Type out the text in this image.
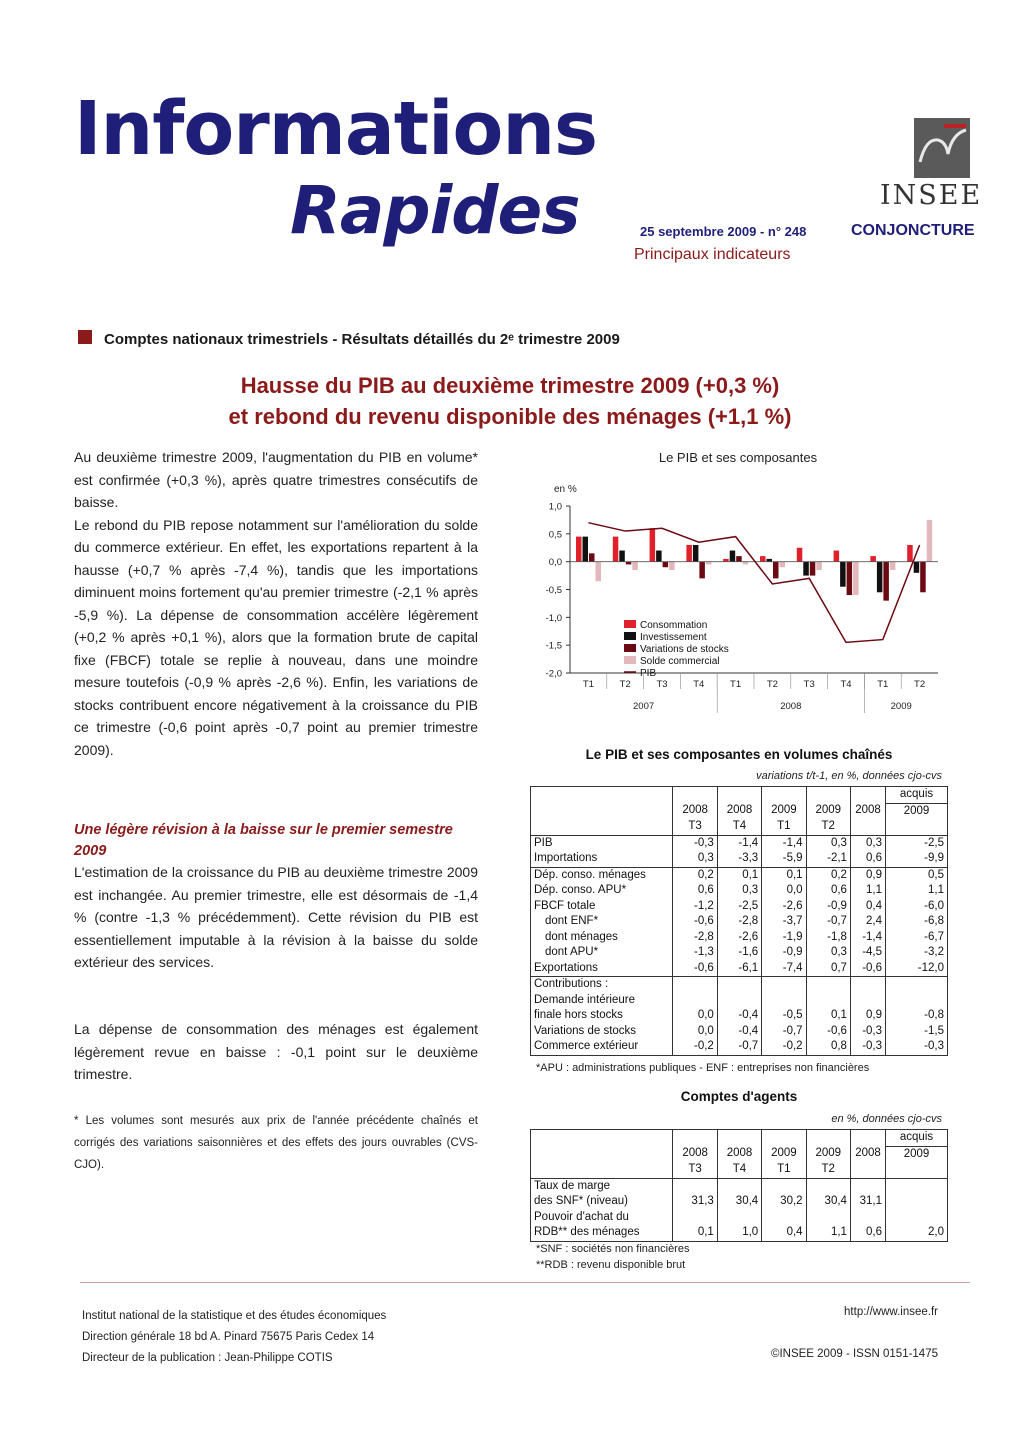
Informations
Rapides	25 septembre 2009 - n° 248
Principaux indicateurs
INSEE
CONJONCTURE
Comptes nationaux trimestriels - Résultats détaillés du 2ᵉ trimestre 2009
Hausse du PIB au deuxième trimestre 2009 (+0,3 %)
et rebond du revenu disponible des ménages (+1,1 %)

Au deuxième trimestre 2009, l'augmentation du PIB en volume* est confirmée (+0,3 %), après quatre trimestres consécutifs de baisse.

Le rebond du PIB repose notamment sur l'amélioration du solde du commerce extérieur. En effet, les exportations repartent à la hausse (+0,7 % après -7,4 %), tandis que les importations diminuent moins fortement qu'au premier trimestre (-2,1 % après -5,9 %). La dépense de consommation accélère légèrement (+0,2 % après +0,1 %), alors que la formation brute de capital fixe (FBCF) totale se replie à nouveau, dans une moindre mesure toutefois (-0,9 % après -2,6 %). Enfin, les variations de stocks contribuent encore négativement à la croissance du PIB ce trimestre (-0,6 point après -0,7 point au premier trimestre 2009).

Une légère révision à la baisse sur le premier semestre 2009
L'estimation de la croissance du PIB au deuxième trimestre 2009 est inchangée. Au premier trimestre, elle est désormais de -1,4 % (contre -1,3 % précédemment). Cette révision du PIB est essentiellement imputable à la révision à la baisse du solde extérieur des services.
La dépense de consommation des ménages est également légèrement revue en baisse : -0,1 point sur le deuxième trimestre.
* Les volumes sont mesurés aux prix de l'année précédente chaînés et corrigés des variations saisonnières et des effets des jours ouvrables (CVS-CJO).
Le PIB et ses composantes
en %
1,0
0,5
0,0
-0,5
-1,0
-1,5
-2,0
T1	T2	T3	T4	T1	T2	T3	T4	T1	T2
2007	2008	2009
Consommation
Investissement
Variations de stocks
Solde commercial
PIB
Le PIB et ses composantes en volumes chaînés
variations t/t-1, en %, données cjo-cvs
						acquis
	2008	2008	2009	2009	2008	2009
	T3	T4	T1	T2		
PIB	-0,3	-1,4	-1,4	0,3	0,3	-2,5
Importations	0,3	-3,3	-5,9	-2,1	0,6	-9,9
Dép. conso. ménages	0,2	0,1	0,1	0,2	0,9	0,5
Dép. conso. APU*	0,6	0,3	0,0	0,6	1,1	1,1
FBCF totale	-1,2	-2,5	-2,6	-0,9	0,4	-6,0
dont ENF*	-0,6	-2,8	-3,7	-0,7	2,4	-6,8
dont ménages	-2,8	-2,6	-1,9	-1,8	-1,4	-6,7
dont APU*	-1,3	-1,6	-0,9	0,3	-4,5	-3,2
Exportations	-0,6	-6,1	-7,4	0,7	-0,6	-12,0
Contributions :						
Demande intérieure						
finale hors stocks	0,0	-0,4	-0,5	0,1	0,9	-0,8
Variations de stocks	0,0	-0,4	-0,7	-0,6	-0,3	-1,5
Commerce extérieur	-0,2	-0,7	-0,2	0,8	-0,3	-0,3
*APU : administrations publiques - ENF : entreprises non financières
Comptes d'agents
en %, données cjo-cvs
						acquis
	2008	2008	2009	2009	2008	2009
	T3	T4	T1	T2		
Taux de marge						
des SNF* (niveau)	31,3	30,4	30,2	30,4	31,1	
Pouvoir d'achat du						
RDB** des ménages	0,1	1,0	0,4	1,1	0,6	2,0
*SNF : sociétés non financières
**RDB : revenu disponible brut
Institut national de la statistique et des études économiques
Direction générale 18 bd A. Pinard 75675 Paris Cedex 14
Directeur de la publication : Jean-Philippe COTIS
http://www.insee.fr
©INSEE 2009 - ISSN 0151-1475
